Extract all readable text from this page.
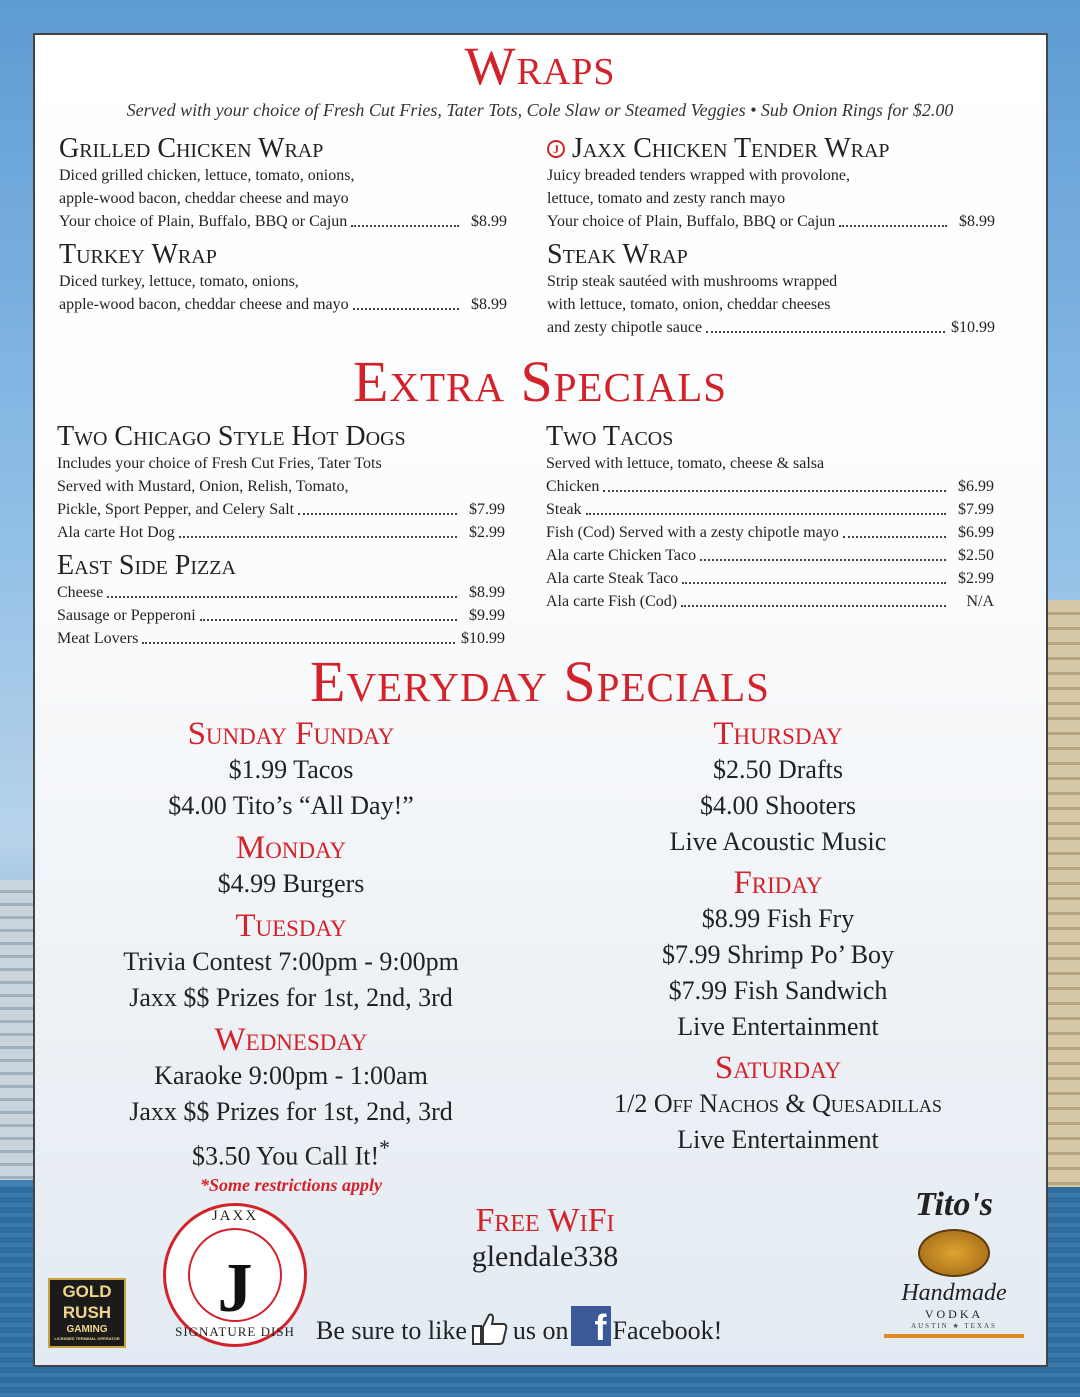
Wraps
Served with your choice of Fresh Cut Fries, Tater Tots, Cole Slaw or Steamed Veggies • Sub Onion Rings for $2.00
Grilled Chicken Wrap
Diced grilled chicken, lettuce, tomato, onions,
apple-wood bacon, cheddar cheese and mayo
Your choice of Plain, Buffalo, BBQ or Cajun	$8.99
J Jaxx Chicken Tender Wrap
Juicy breaded tenders wrapped with provolone,
lettuce, tomato and zesty ranch mayo
Your choice of Plain, Buffalo, BBQ or Cajun	$8.99
Turkey Wrap
Diced turkey, lettuce, tomato, onions,
apple-wood bacon, cheddar cheese and mayo	$8.99
Steak Wrap
Strip steak sautéed with mushrooms wrapped
with lettuce, tomato, onion, cheddar cheeses
and zesty chipotle sauce	$10.99
Extra Specials
Two Chicago Style Hot Dogs
Includes your choice of Fresh Cut Fries, Tater Tots
Served with Mustard, Onion, Relish, Tomato,
Pickle, Sport Pepper, and Celery Salt	$7.99
Ala carte Hot Dog	$2.99
East Side Pizza
Cheese	$8.99
Sausage or Pepperoni	$9.99
Meat Lovers	$10.99
Two Tacos
Served with lettuce, tomato, cheese & salsa
Chicken	$6.99
Steak	$7.99
Fish (Cod) Served with a zesty chipotle mayo	$6.99
Ala carte Chicken Taco	$2.50
Ala carte Steak Taco	$2.99
Ala carte Fish (Cod)	N/A
Everyday Specials
Sunday Funday
$1.99 Tacos
$4.00 Tito’s “All Day!”
Monday
$4.99 Burgers
Tuesday
Trivia Contest 7:00pm - 9:00pm
Jaxx $$ Prizes for 1st, 2nd, 3rd
Wednesday
Karaoke 9:00pm - 1:00am
Jaxx $$ Prizes for 1st, 2nd, 3rd
$3.50 You Call It!*
*Some restrictions apply
Thursday
$2.50 Drafts
$4.00 Shooters
Live Acoustic Music
Friday
$8.99 Fish Fry
$7.99 Shrimp Po’ Boy
$7.99 Fish Sandwich
Live Entertainment
Saturday
1/2 Off Nachos & Quesadillas
Live Entertainment
JAXX
J
SIGNATURE DISH
GOLD
RUSH
GAMING
LICENSED TERMINAL OPERATOR
Free WiFi
glendale338
Be sure to like us on f Facebook!
Tito's
Handmade
VODKA
AUSTIN ★ TEXAS
